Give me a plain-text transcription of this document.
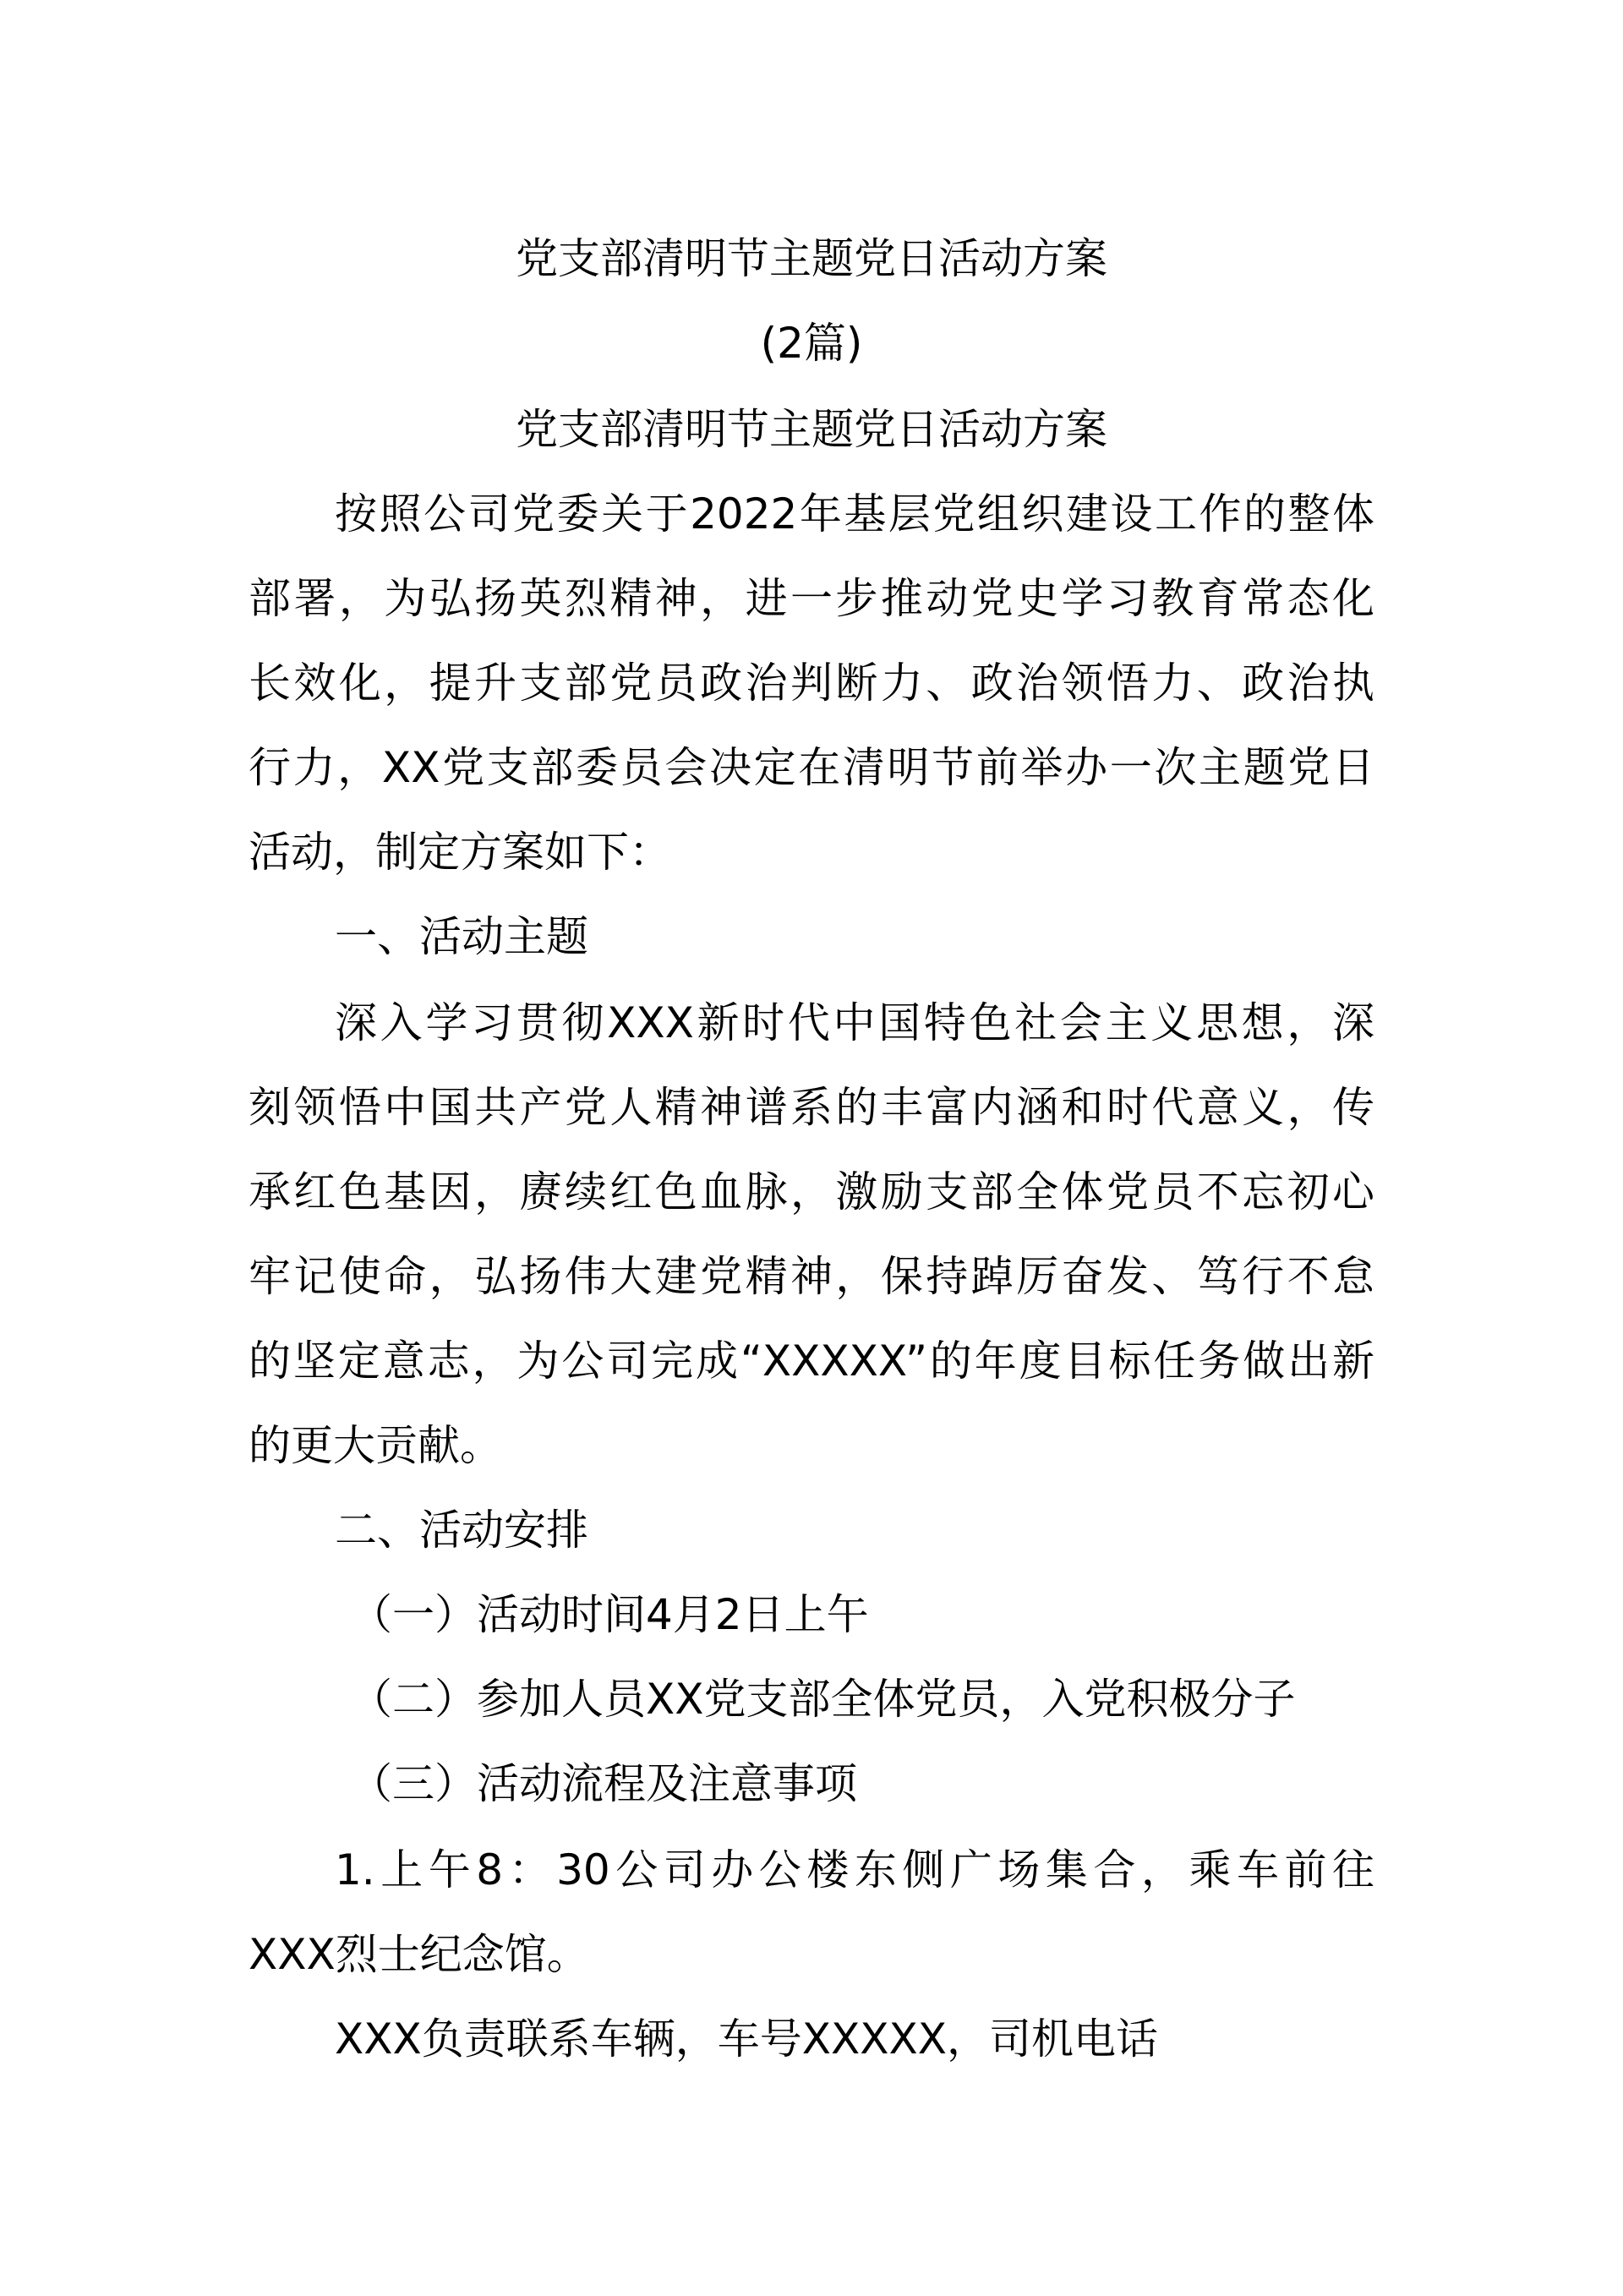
党支部清明节主题党日活动方案
(2篇)
党支部清明节主题党日活动方案
按照公司党委关于2022年基层党组织建设工作的整体
部署，为弘扬英烈精神，进一步推动党史学习教育常态化
长效化，提升支部党员政治判断力、政治领悟力、政治执
行力，XX党支部委员会决定在清明节前举办一次主题党日
活动，制定方案如下：
一、活动主题
深入学习贯彻XXX新时代中国特色社会主义思想，深
刻领悟中国共产党人精神谱系的丰富内涵和时代意义，传
承红色基因，赓续红色血脉，激励支部全体党员不忘初心
牢记使命，弘扬伟大建党精神，保持踔厉奋发、笃行不怠
的坚定意志，为公司完成“XXXXX”的年度目标任务做出新
的更大贡献。
二、活动安排
（一）活动时间4月2日上午
（二）参加人员XX党支部全体党员，入党积极分子
（三）活动流程及注意事项
1.上午8：30公司办公楼东侧广场集合，乘车前往
XXX烈士纪念馆。
XXX负责联系车辆，车号XXXXX，司机电话
